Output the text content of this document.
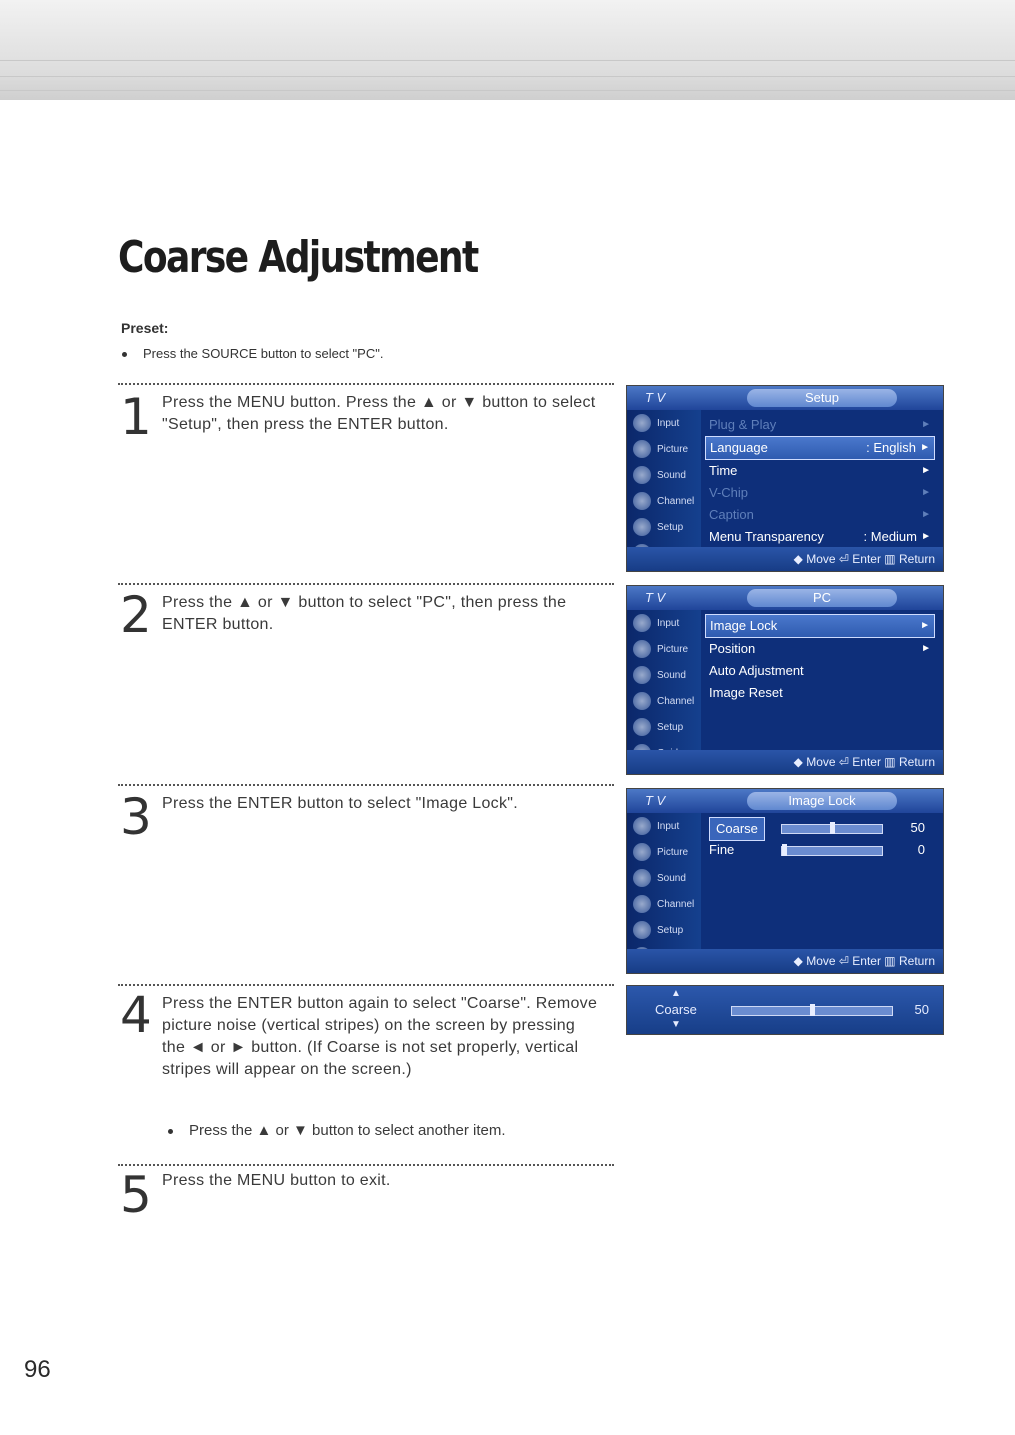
Coarse Adjustment
Preset:
Press the SOURCE button to select "PC".
1 Press the MENU button. Press the ▲ or ▼ button to select "Setup", then press the ENTER button.
2 Press the ▲ or ▼ button to select "PC", then press the ENTER button.
3 Press the ENTER button to select "Image Lock".
4 Press the ENTER button again to select "Coarse". Remove picture noise (vertical stripes) on the screen by pressing the ◄ or ► button. (If Coarse is not set properly, vertical stripes will appear on the screen.)
Press the ▲ or ▼ button to select another item.
5 Press the MENU button to exit.
T V	Setup
Input
Picture
Sound
Channel
Setup
Plug & Play	►
Language	: English ►
Time	►
V-Chip	►
Caption	►
Menu Transparency	: Medium ►
◆ Move ⏎ Enter ▥ Return
T V	PC
Input
Picture
Sound
Channel
Setup
Image Lock	►
Position	►
Auto Adjustment
Image Reset
◆ Move ⏎ Enter ▥ Return
T V	Image Lock
Input
Picture
Sound
Channel
Setup
Coarse	50
Fine	0
◆ Move ⏎ Enter ▥ Return
▲
Coarse
▼
50
96
